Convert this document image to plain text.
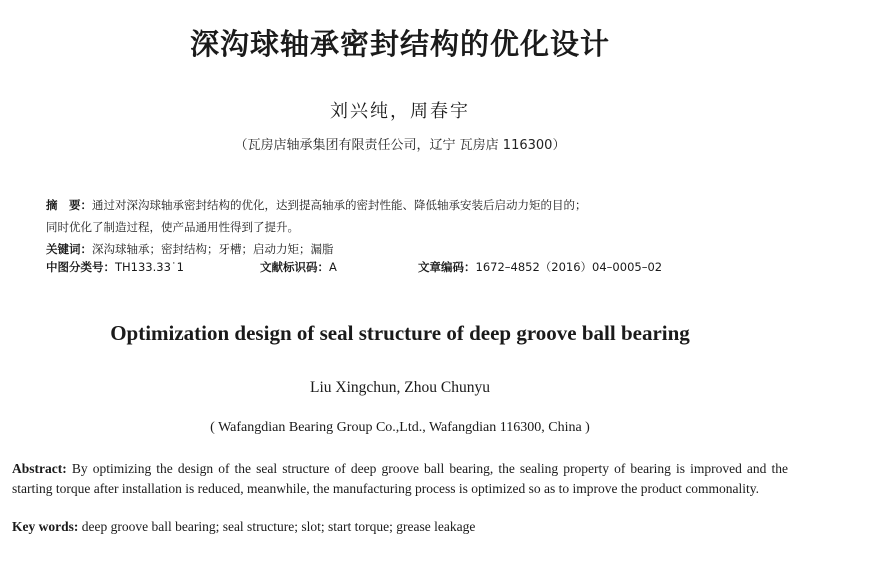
深沟球轴承密封结构的优化设计
刘兴纯，周春宇
（瓦房店轴承集团有限责任公司，辽宁 瓦房店 116300）
摘　要：通过对深沟球轴承密封结构的优化，达到提高轴承的密封性能、降低轴承安装后启动力矩的目的；
同时优化了制造过程，使产品通用性得到了提升。
关键词：深沟球轴承；密封结构；牙槽；启动力矩；漏脂
中图分类号：TH133.33˙1	文献标识码：A	文章编码：1672–4852（2016）04–0005–02
Optimization design of seal structure of deep groove ball bearing
Liu Xingchun, Zhou Chunyu
( Wafangdian Bearing Group Co.,Ltd., Wafangdian 116300, China )
Abstract: By optimizing the design of the seal structure of deep groove ball bearing, the sealing property of bearing is improved and the starting torque after installation is reduced, meanwhile, the manufacturing process is optimized so as to improve the product commonality.
Key words: deep groove ball bearing; seal structure; slot; start torque; grease leakage
